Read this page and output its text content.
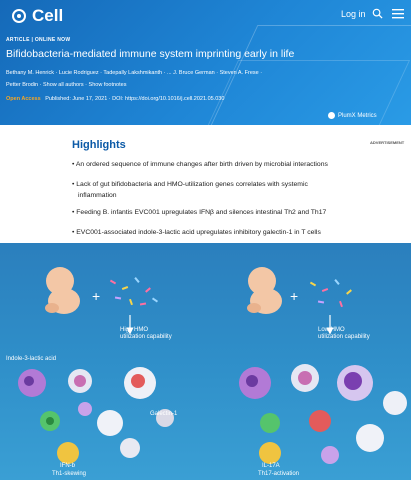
Cell	Log in
ARTICLE | ONLINE NOW
Bifidobacteria-mediated immune system imprinting early in life
Bethany M. Henrick · Lucie Rodriguez · Tadepally Lakshmikanth · ... J. Bruce German · Steven A. Frese ·
Petter Brodin · Show all authors · Show footnotes
Open Access Published: June 17, 2021 · DOI: https://doi.org/10.1016/j.cell.2021.05.030
PlumX Metrics
ADVERTISEMENT
Highlights
• An ordered sequence of immune changes after birth driven by microbial interactions
• Lack of gut bifidobacteria and HMO-utilization genes correlates with systemic
inflammation
• Feeding B. infantis EVC001 upregulates IFNβ and silences intestinal Th2 and Th17
• EVC001-associated indole-3-lactic acid upregulates inhibitory galectin-1 in T cells
+	+
High HMO
utilization capability
Low HMO
utilization capability
Indole-3-lactic acid
Galectin-1
IFN-b
Th1-skewing
IL-17A
Th17-activation
